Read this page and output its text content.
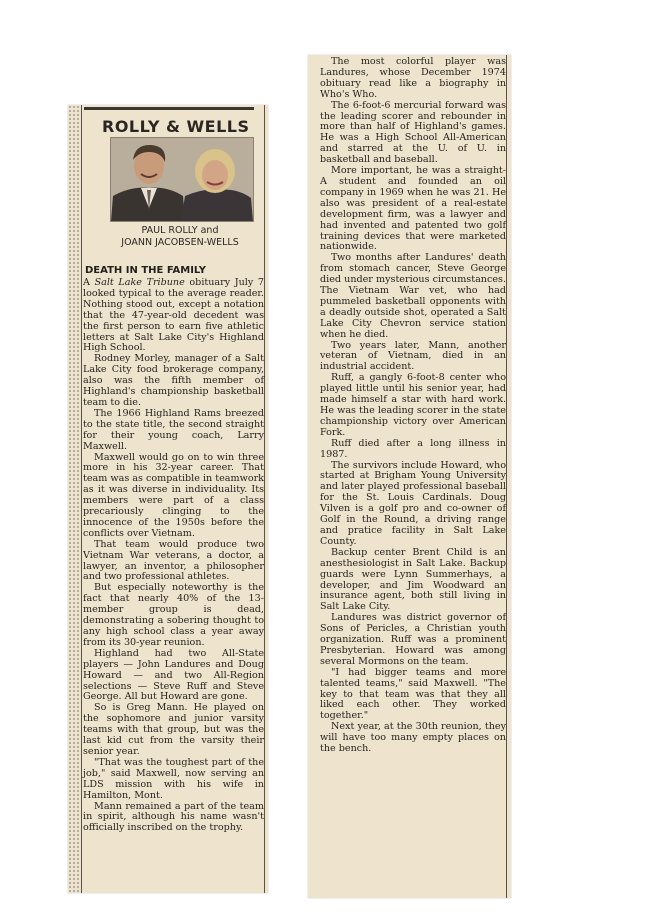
ROLLY & WELLS
PAUL ROLLY and
JOANN JACOBSEN-WELLS
DEATH IN THE FAMILY

A Salt Lake Tribune obituary July 7 looked typical to the average reader. Nothing stood out, except a notation that the 47-year-old decedent was the first person to earn five athletic letters at Salt Lake City's Highland High School.

Rodney Morley, manager of a Salt Lake City food brokerage company, also was the fifth member of Highland's championship basketball team to die.

The 1966 Highland Rams breezed to the state title, the second straight for their young coach, Larry Maxwell.

Maxwell would go on to win three more in his 32-year career. That team was as compatible in teamwork as it was diverse in individuality. Its members were part of a class precariously clinging to the innocence of the 1950s before the conflicts over Vietnam.

That team would produce two Vietnam War veterans, a doctor, a lawyer, an inventor, a philosopher and two professional athletes.

But especially noteworthy is the fact that nearly 40% of the 13-member group is dead, demonstrating a sobering thought to any high school class a year away from its 30-year reunion.

Highland had two All-State players — John Landures and Doug Howard — and two All-Region selections — Steve Ruff and Steve George. All but Howard are gone.

So is Greg Mann. He played on the sophomore and junior varsity teams with that group, but was the last kid cut from the varsity their senior year.

"That was the toughest part of the job," said Maxwell, now serving an LDS mission with his wife in Hamilton, Mont.

Mann remained a part of the team in spirit, although his name wasn't officially inscribed on the trophy.

The most colorful player was Landures, whose December 1974 obituary read like a biography in Who's Who.

The 6-foot-6 mercurial forward was the leading scorer and rebounder in more than half of Highland's games. He was a High School All-American and starred at the U. of U. in basketball and baseball.

More important, he was a straight-A student and founded an oil company in 1969 when he was 21. He also was president of a real-estate development firm, was a lawyer and had invented and patented two golf training devices that were marketed nationwide.

Two months after Landures' death from stomach cancer, Steve George died under mysterious circumstances. The Vietnam War vet, who had pummeled basketball opponents with a deadly outside shot, operated a Salt Lake City Chevron service station when he died.

Two years later, Mann, another veteran of Vietnam, died in an industrial accident.

Ruff, a gangly 6-foot-8 center who played little until his senior year, had made himself a star with hard work. He was the leading scorer in the state championship victory over American Fork.

Ruff died after a long illness in 1987.

The survivors include Howard, who started at Brigham Young University and later played professional baseball for the St. Louis Cardinals. Doug Vilven is a golf pro and co-owner of Golf in the Round, a driving range and pratice facility in Salt Lake County.

Backup center Brent Child is an anesthesiologist in Salt Lake. Backup guards were Lynn Summerhays, a developer, and Jim Woodward an insurance agent, both still living in Salt Lake City.

Landures was district governor of Sons of Pericles, a Christian youth organization. Ruff was a prominent Presbyterian. Howard was among several Mormons on the team.

"I had bigger teams and more talented teams," said Maxwell. "The key to that team was that they all liked each other. They worked together."

Next year, at the 30th reunion, they will have too many empty places on the bench.
